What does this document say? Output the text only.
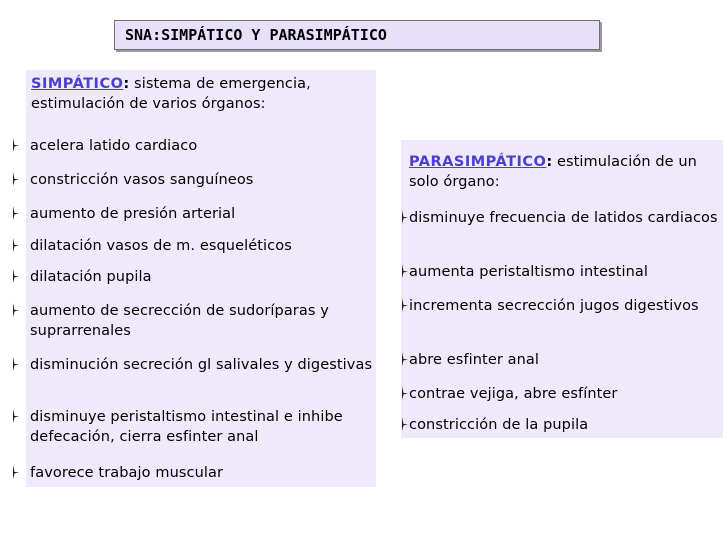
SNA:SIMPÁTICO Y PARASIMPÁTICO
SIMPÁTICO: sistema de emergencia, estimulación de varios órganos:
acelera latido cardiaco
constricción vasos sanguíneos
aumento de presión arterial
dilatación vasos de m. esqueléticos
dilatación pupila
aumento de secrección de sudoríparas y suprarrenales
disminución secreción gl salivales y digestivas
disminuye peristaltismo intestinal e inhibe defecación, cierra esfinter anal
favorece trabajo muscular
PARASIMPÁTICO: estimulación de un solo órgano:
disminuye frecuencia de latidos cardiacos
aumenta peristaltismo intestinal
incrementa secrección jugos digestivos
abre esfinter anal
contrae vejiga, abre esfínter
constricción de la pupila
